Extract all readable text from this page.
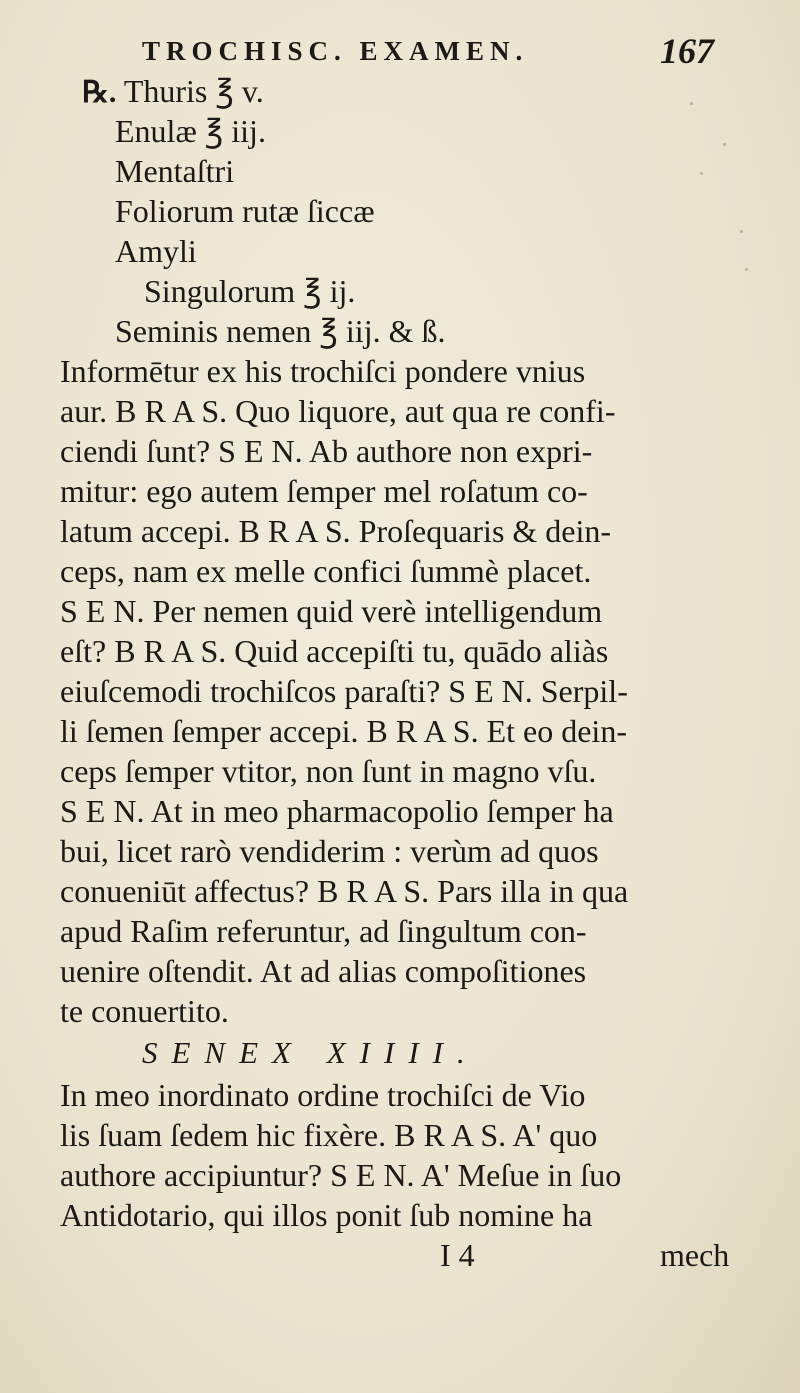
TROCHISC. EXAMEN.	167
℞. Thuris ℥ v.
Enulæ ℥ iij.
Mentaſtri
Foliorum rutæ ſiccæ
Amyli
Singulorum ℥ ij.
Seminis nemen ℥ iij. & ß.
Informētur ex his trochiſci pondere vnius
aur. B R A S. Quo liquore, aut qua re confi-
ciendi ſunt? S E N. Ab authore non expri-
mitur: ego autem ſemper mel roſatum co-
latum accepi. B R A S. Proſequaris & dein-
ceps, nam ex melle confici ſummè placet.
S E N. Per nemen quid verè intelligendum
eſt? B R A S. Quid accepiſti tu, quādo aliàs
eiuſcemodi trochiſcos paraſti? S E N. Serpil-
li ſemen ſemper accepi. B R A S. Et eo dein-
ceps ſemper vtitor, non ſunt in magno vſu.
S E N. At in meo pharmacopolio ſemper ha
bui, licet rarò vendiderim : verùm ad quos
conueniūt affectus? B R A S. Pars illa in qua
apud Raſim referuntur, ad ſingultum con-
uenire oſtendit. At ad alias compoſitiones
te conuertito.
SENEX XIIII.
In meo inordinato ordine trochiſci de Vio
lis ſuam ſedem hic fixère. B R A S. A' quo
authore accipiuntur? S E N. A' Meſue in ſuo
Antidotario, qui illos ponit ſub nomine ha
I 4	mech
